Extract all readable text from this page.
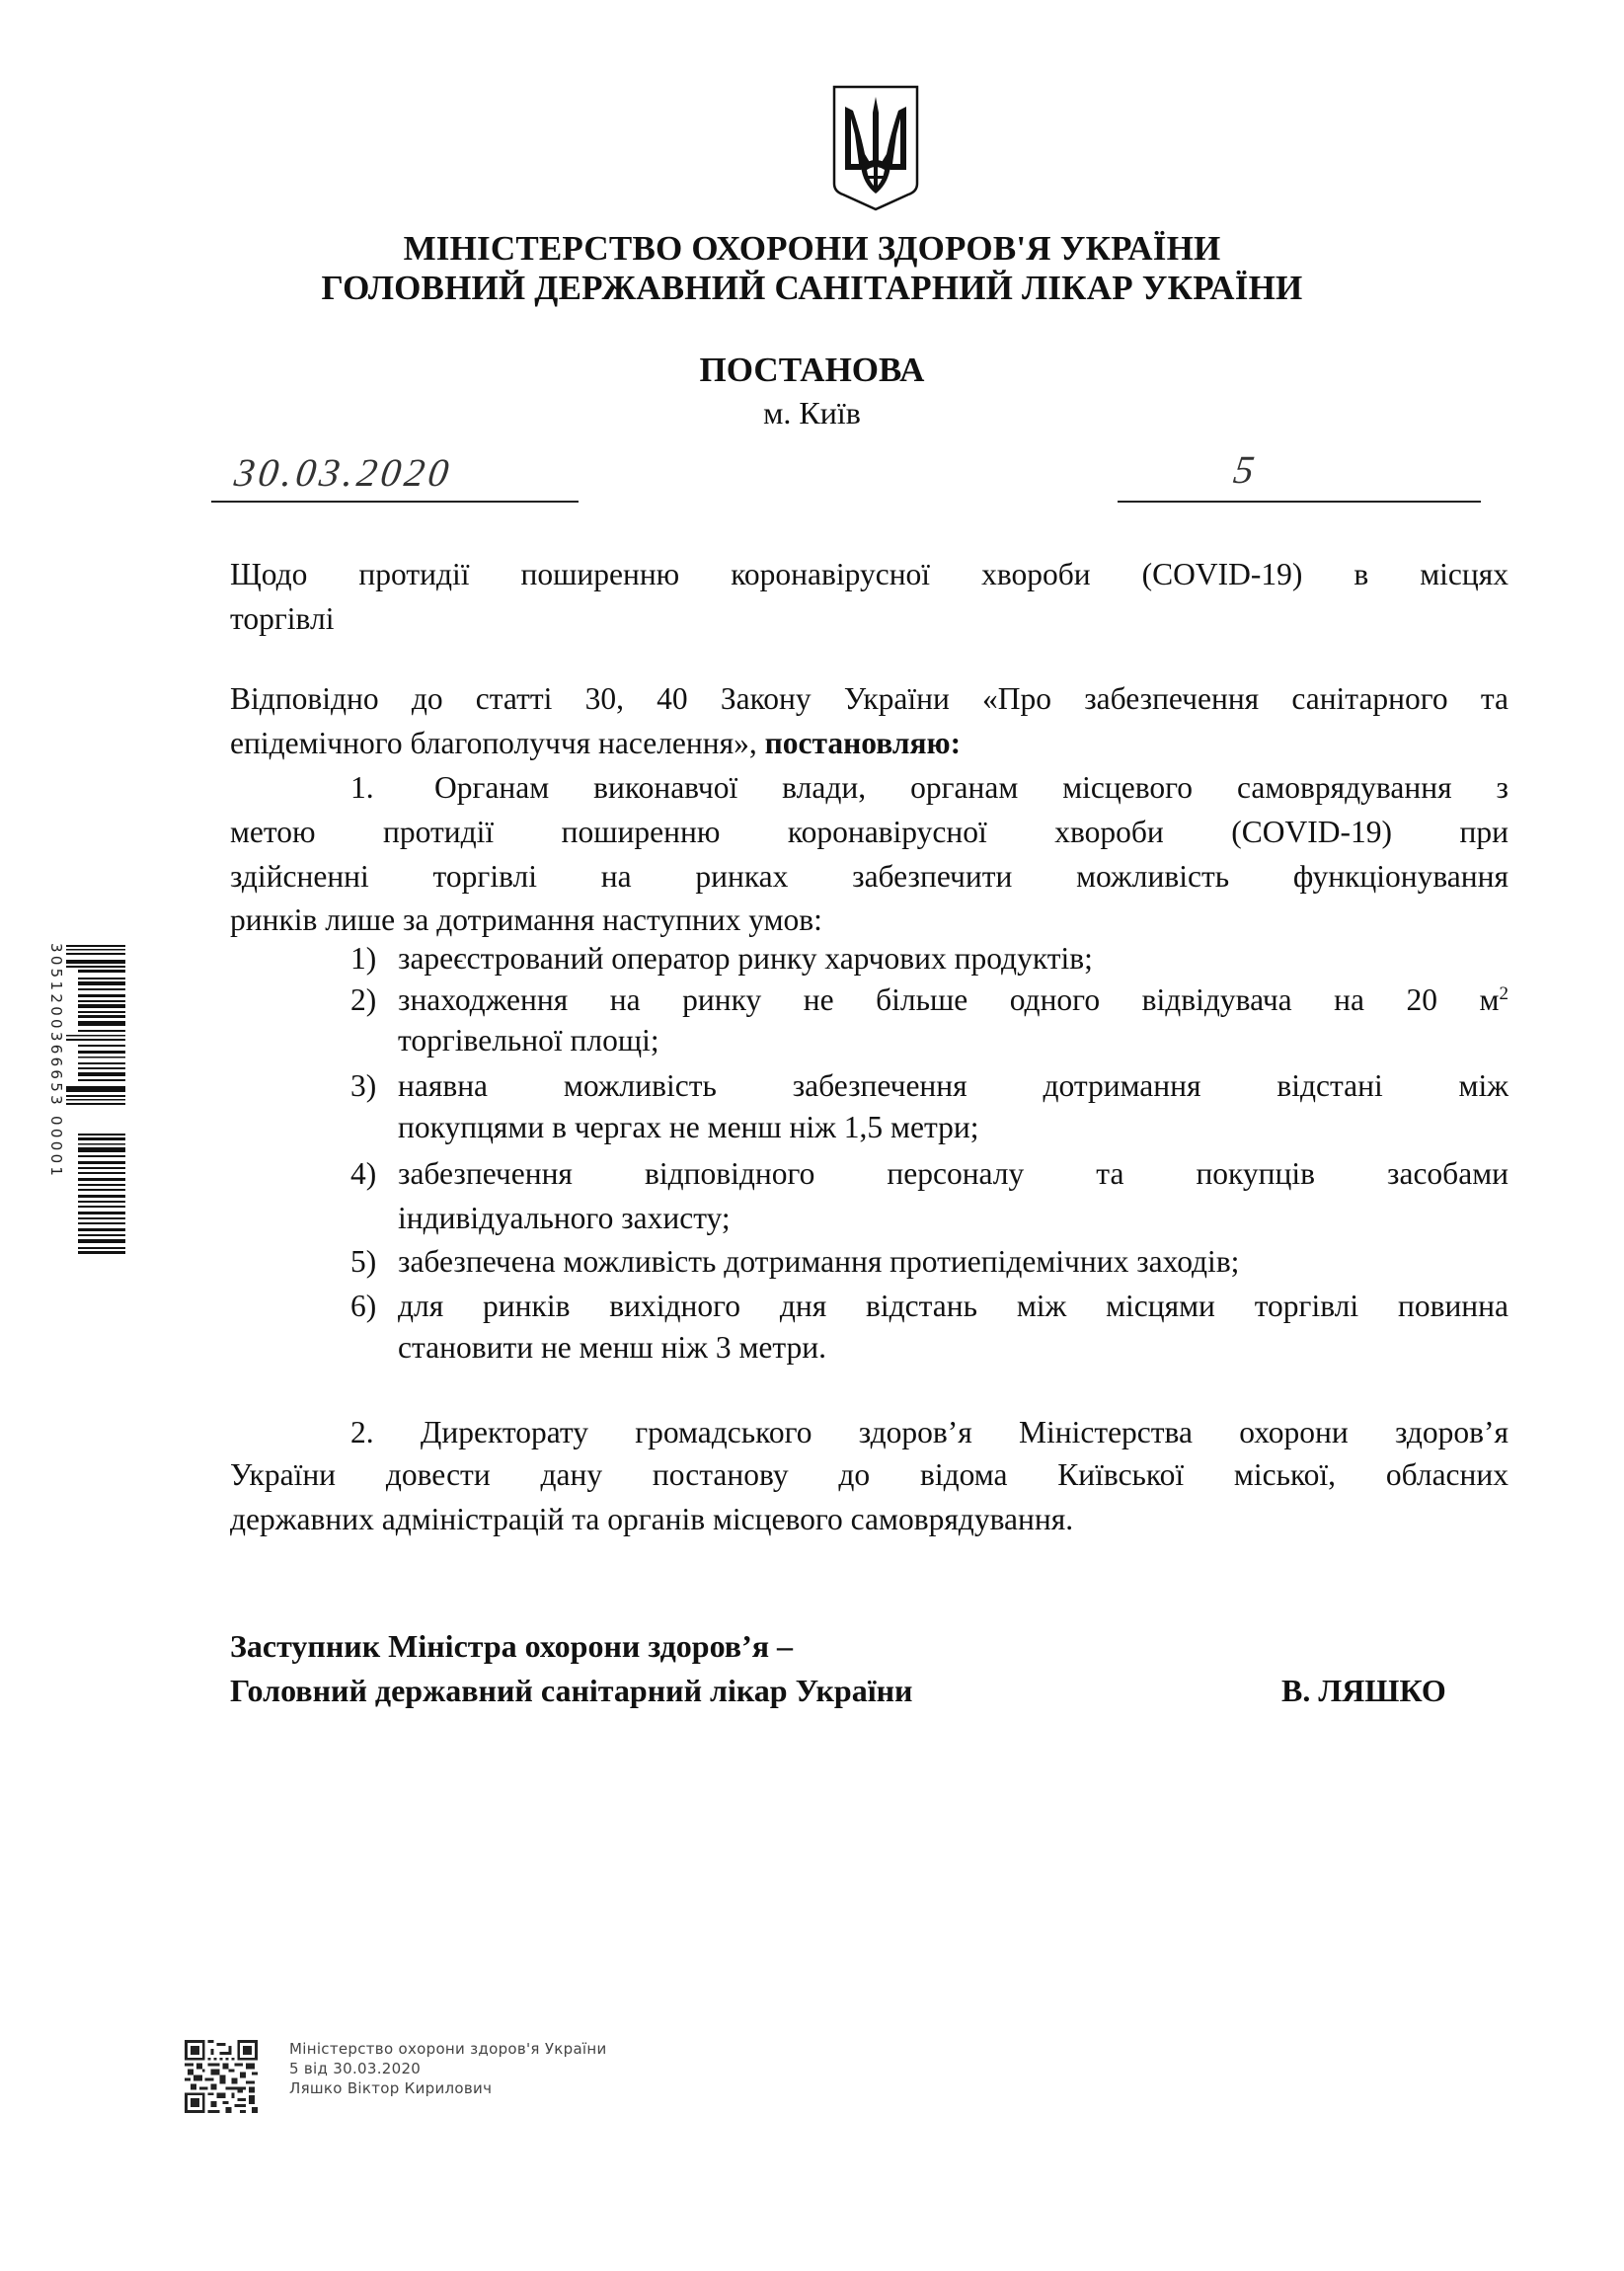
МІНІСТЕРСТВО ОХОРОНИ ЗДОРОВ'Я УКРАЇНИ
ГОЛОВНИЙ ДЕРЖАВНИЙ САНІТАРНИЙ ЛІКАР УКРАЇНИ
ПОСТАНОВА
м. Київ
30.03.2020	5
Щодо протидії поширенню коронавірусної хвороби (COVID-19) в місцях
торгівлі
Відповідно до статті 30, 40 Закону України «Про забезпечення санітарного та
епідемічного благополуччя населення», постановляю:
1. Органам виконавчої влади, органам місцевого самоврядування з
метою протидії поширенню коронавірусної хвороби (COVID-19) при
здійсненні торгівлі на ринках забезпечити можливість функціонування
ринків лише за дотримання наступних умов:
1) зареєстрований оператор ринку харчових продуктів;
2) знаходження на ринку не більше одного відвідувача на 20 $м^2$
торгівельної площі;
3) наявна можливість забезпечення дотримання відстані між
покупцями в чергах не менш ніж 1,5 метри;
4) забезпечення відповідного персоналу та покупців засобами
індивідуального захисту;
5) забезпечена можливість дотримання протиепідемічних заходів;
6) для ринків вихідного дня відстань між місцями торгівлі повинна
становити не менш ніж 3 метри.
2. Директорату громадського здоров’я Міністерства охорони здоров’я
України довести дану постанову до відома Київської міської, обласних
державних адміністрацій та органів місцевого самоврядування.
Заступник Міністра охорони здоров’я –
Головний державний санітарний лікар України	В. ЛЯШКО
3051200366653 00001
Міністерство охорони здоров'я України
5 від 30.03.2020
Ляшко Віктор Кирилович
